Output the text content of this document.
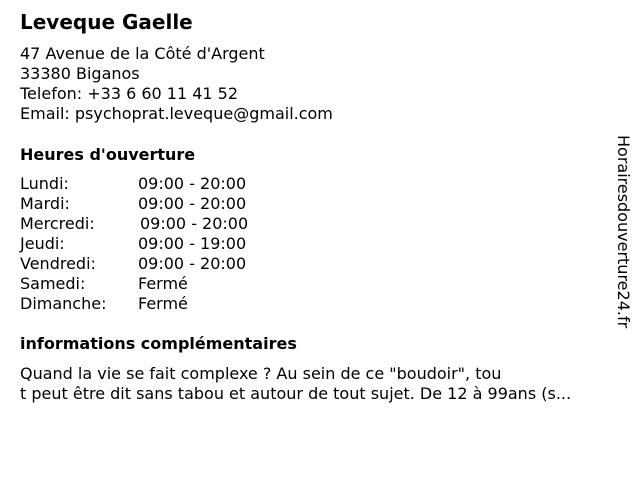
Leveque Gaelle
47 Avenue de la Côté d'Argent
33380 Biganos
Telefon: +33 6 60 11 41 52
Email: psychoprat.leveque@gmail.com
Heures d'ouverture
Lundi:	09:00 - 20:00
Mardi:	09:00 - 20:00
Mercredi:	09:00 - 20:00
Jeudi:	09:00 - 19:00
Vendredi:	09:00 - 20:00
Samedi:	Fermé
Dimanche: Fermé
informations complémentaires
Quand la vie se fait complexe ? Au sein de ce "boudoir", tou
t peut être dit sans tabou et autour de tout sujet. De 12 à 99ans (s...
Horairesdouverture24.fr
